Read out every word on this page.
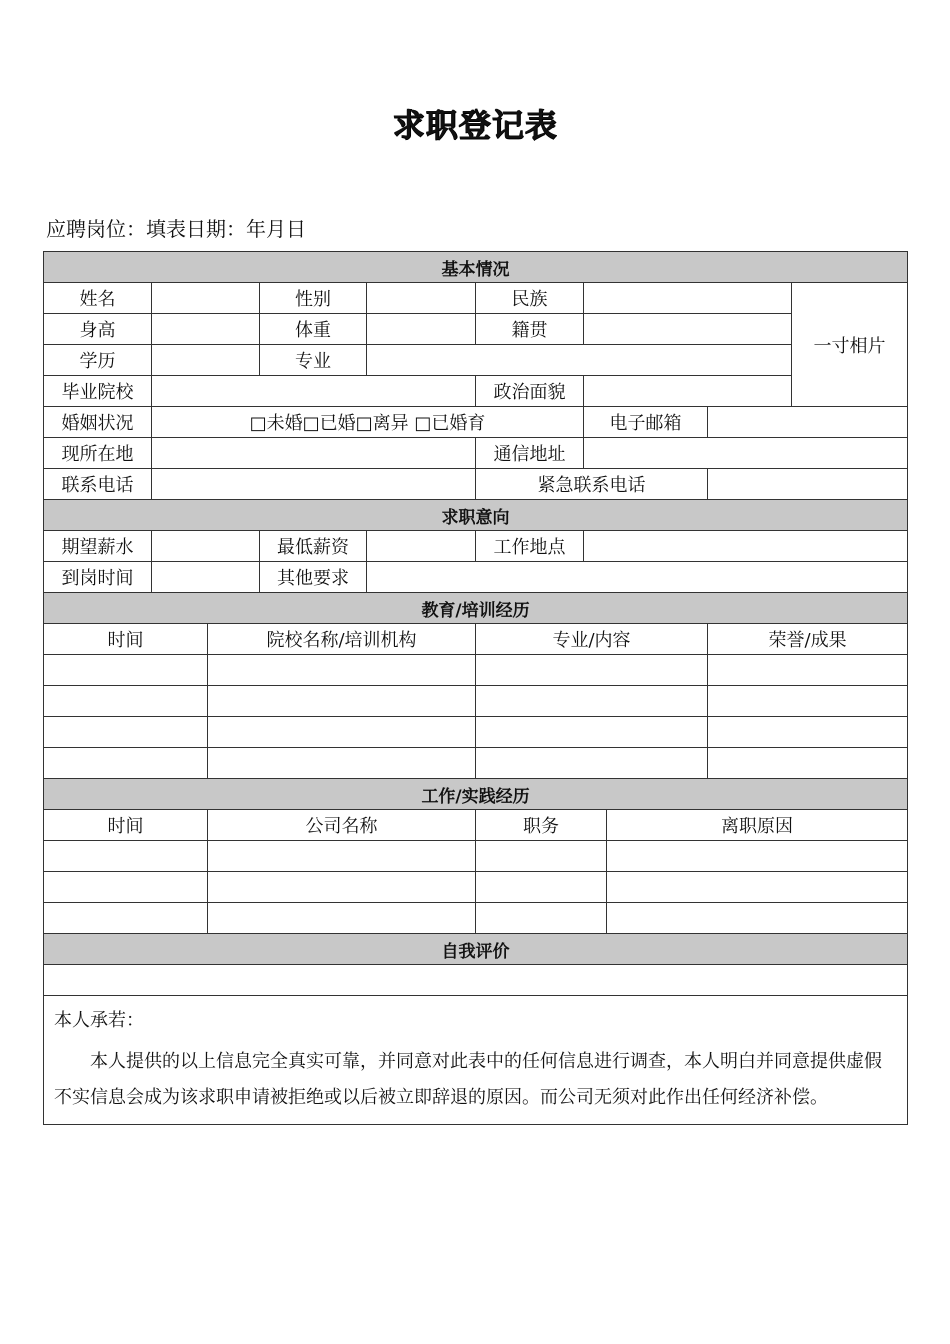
求职登记表
应聘岗位：填表日期：年月日
基本情况									
姓名			性别		民族				一寸相片
身高			体重		籍贯				
学历			专业						
毕业院校					政治面貌				
婚姻状况	□未婚□已婚□离异 □已婚育					电子邮箱			
现所在地					通信地址				
联系电话					紧急联系电话				
求职意向									
期望薪水			最低薪资		工作地点				
到岗时间			其他要求						
教育/培训经历									
时间		院校名称/培训机构			专业/内容			荣誉/成果	

工作/实践经历									
时间		公司名称			职务		离职原因		

自我评价									

本人承若：
本人提供的以上信息完全真实可靠，并同意对此表中的任何信息进行调查，本人明白并同意提供虚假不实信息会成为该求职申请被拒绝或以后被立即辞退的原因。而公司无须对此作出任何经济补偿。									
